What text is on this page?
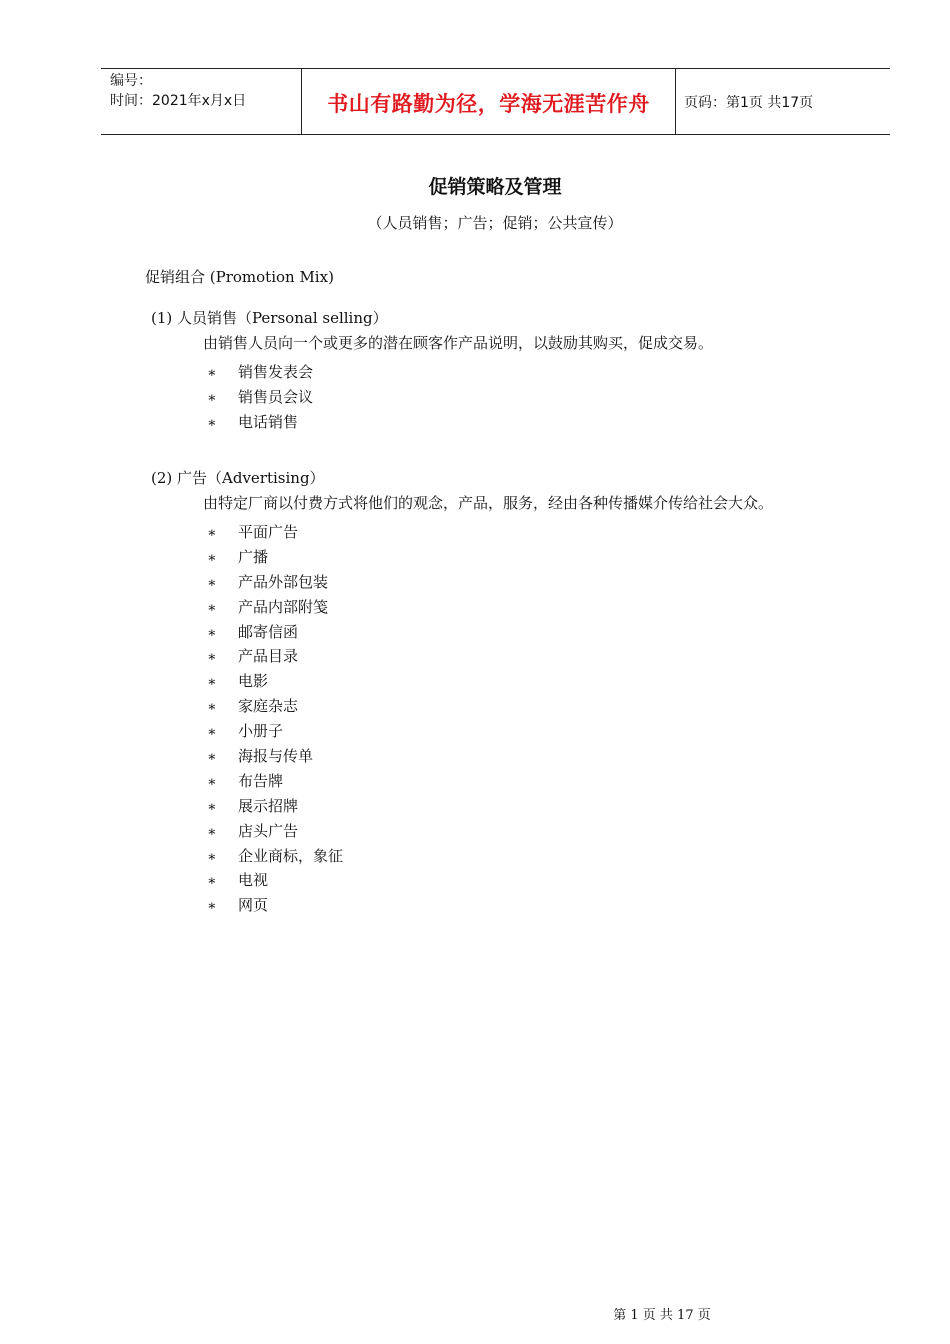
编号：
时间：2021年x月x日	书山有路勤为径，学海无涯苦作舟	页码：第1页 共17页
促销策略及管理
（人员销售；广告；促销；公共宣传）
促销组合 (Promotion Mix)
(1) 人员销售（Personal selling）
由销售人员向一个或更多的潜在顾客作产品说明，以鼓励其购买，促成交易。
∗ 销售发表会
∗ 销售员会议
∗ 电话销售
(2) 广告（Advertising）
由特定厂商以付费方式将他们的观念，产品，服务，经由各种传播媒介传给社会大众。
∗ 平面广告
∗ 广播
∗ 产品外部包装
∗ 产品内部附笺
∗ 邮寄信函
∗ 产品目录
∗ 电影
∗ 家庭杂志
∗ 小册子
∗ 海报与传单
∗ 布告牌
∗ 展示招牌
∗ 店头广告
∗ 企业商标，象征
∗ 电视
∗ 网页
第 1 页 共 17 页
